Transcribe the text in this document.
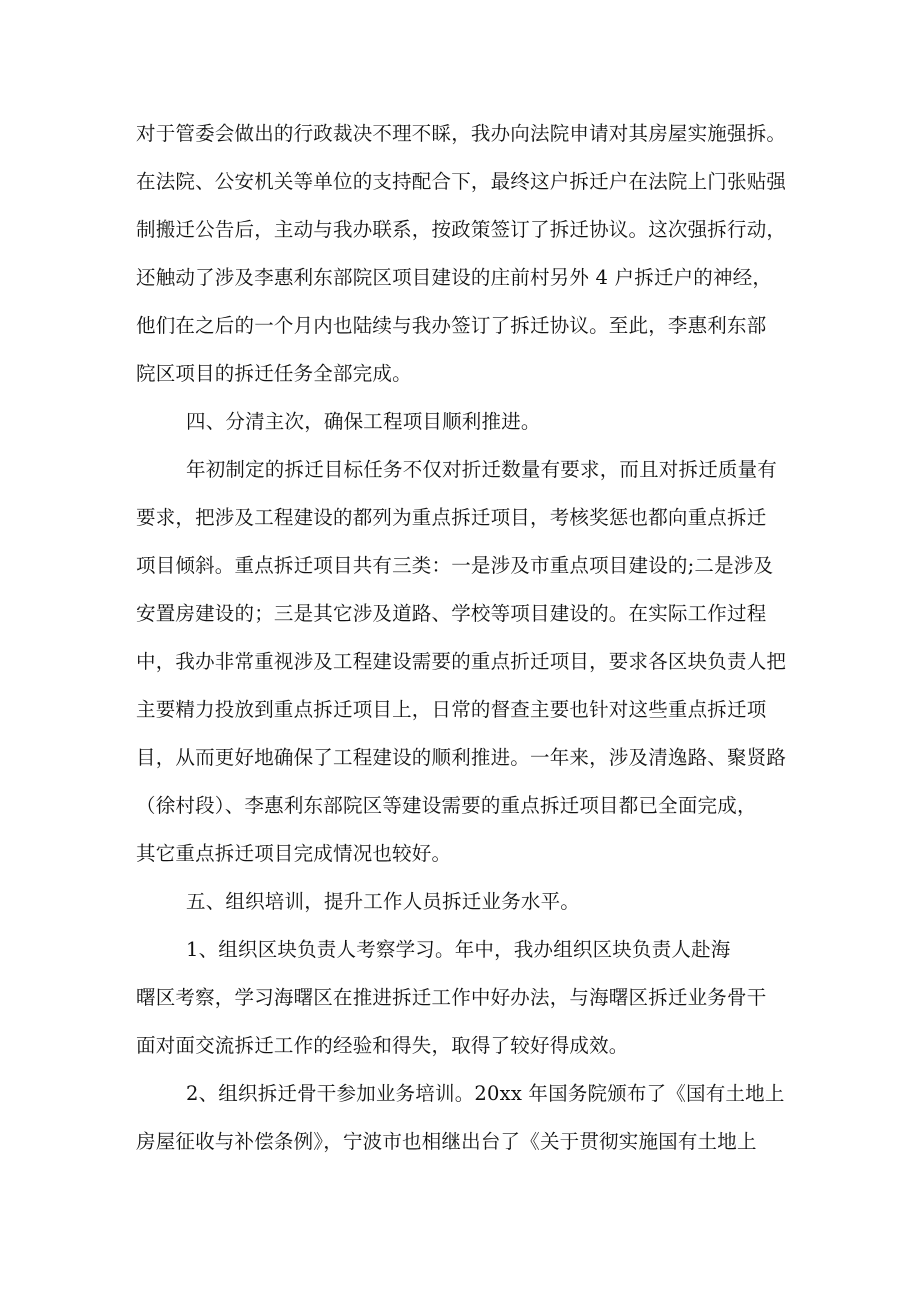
对于管委会做出的行政裁决不理不睬，我办向法院申请对其房屋实施强拆。
在法院、公安机关等单位的支持配合下，最终这户拆迁户在法院上门张贴强
制搬迁公告后，主动与我办联系，按政策签订了拆迁协议。这次强拆行动，
还触动了涉及李惠利东部院区项目建设的庄前村另外 4 户拆迁户的神经，
他们在之后的一个月内也陆续与我办签订了拆迁协议。至此，李惠利东部
院区项目的拆迁任务全部完成。
四、分清主次，确保工程项目顺利推进。
年初制定的拆迁目标任务不仅对折迁数量有要求，而且对拆迁质量有
要求，把涉及工程建设的都列为重点拆迁项目，考核奖惩也都向重点拆迁
项目倾斜。重点拆迁项目共有三类：一是涉及市重点项目建设的;二是涉及
安置房建设的；三是其它涉及道路、学校等项目建设的。在实际工作过程
中，我办非常重视涉及工程建设需要的重点折迁项目，要求各区块负责人把
主要精力投放到重点拆迁项目上，日常的督查主要也针对这些重点拆迁项
目，从而更好地确保了工程建设的顺利推进。一年来，涉及清逸路、聚贤路
（徐村段）、李惠利东部院区等建设需要的重点拆迁项目都已全面完成，
其它重点拆迁项目完成情况也较好。
五、组织培训，提升工作人员拆迁业务水平。
1、组织区块负责人考察学习。年中，我办组织区块负责人赴海
曙区考察，学习海曙区在推进拆迁工作中好办法，与海曙区拆迁业务骨干
面对面交流拆迁工作的经验和得失，取得了较好得成效。
2、组织拆迁骨干参加业务培训。20xx 年国务院颁布了《国有土地上
房屋征收与补偿条例》，宁波市也相继出台了《关于贯彻实施国有土地上
